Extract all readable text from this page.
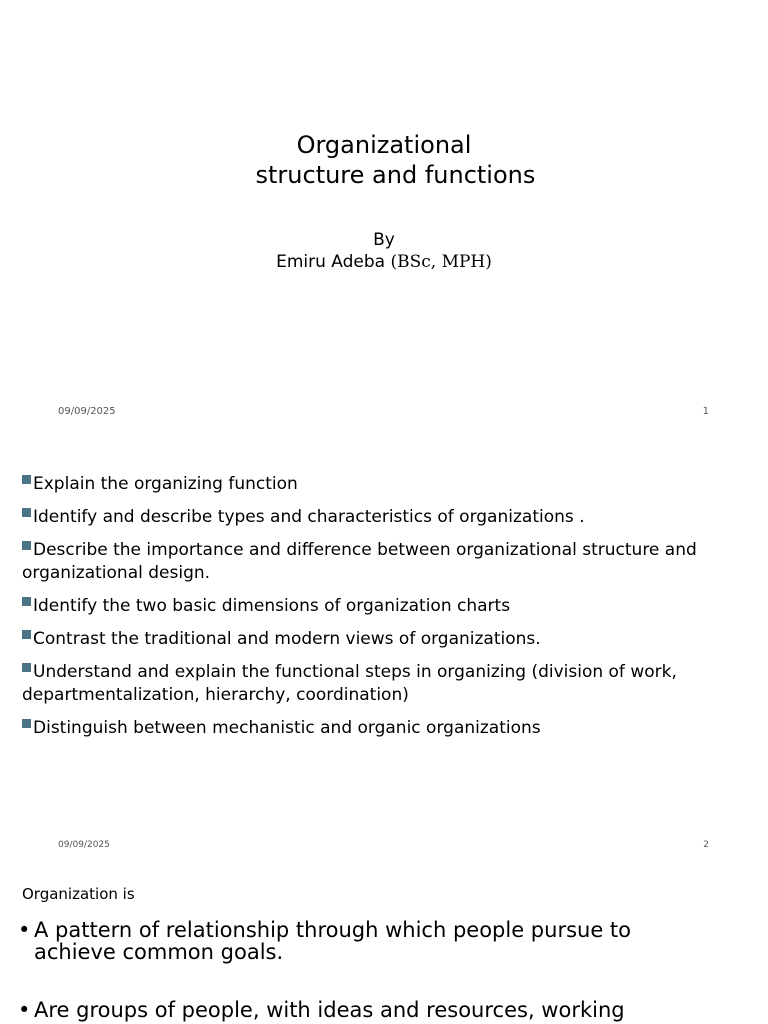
Organizational
structure and functions
By
Emiru Adeba (BSc, MPH)
09/09/2025	1
Explain the organizing function
Identify and describe types and characteristics of organizations .
Describe the importance and difference between organizational structure and organizational design.
Identify the two basic dimensions of organization charts
Contrast the traditional and modern views of organizations.
Understand and explain the functional steps in organizing (division of work, departmentalization, hierarchy, coordination)
Distinguish between mechanistic and organic organizations
09/09/2025	2
Organization is
• A pattern of relationship through which people pursue to achieve common goals.
• Are groups of people, with ideas and resources, working
